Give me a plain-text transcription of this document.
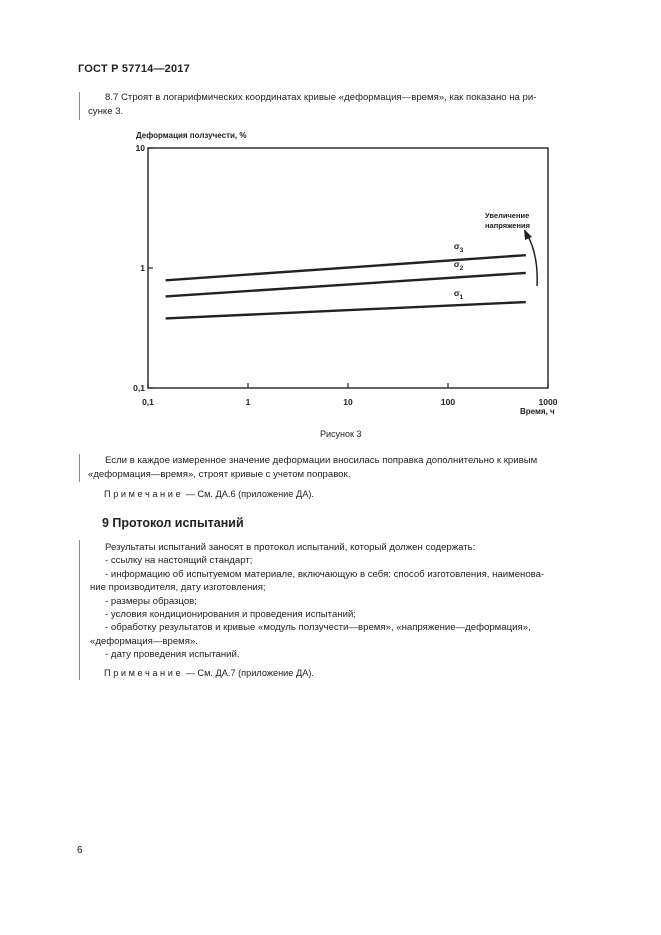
ГОСТ Р 57714—2017
8.7 Строят в логарифмических координатах кривые «деформация—время», как показано на ри-
сунке 3.
Деформация ползучести, %
0,1	1	10	100	1000
0,1
1
10
$\sigma_3$
$\sigma_2$
$\sigma_1$
Время, ч
Увеличение
напряжения
Рисунок 3
Если в каждое измеренное значение деформации вносилась поправка дополнительно к кривым
«деформация—время», строят кривые с учетом поправок.
Примечание — См. ДА.6 (приложение ДА).
9 Протокол испытаний
Результаты испытаний заносят в протокол испытаний, который должен содержать:
- ссылку на настоящий стандарт;
- информацию об испытуемом материале, включающую в себя: способ изготовления, наименова-
ние производителя, дату изготовления;
- размеры образцов;
- условия кондиционирования и проведения испытаний;
- обработку результатов и кривые «модуль ползучести—время», «напряжение—деформация»,
«деформация—время».
- дату проведения испытаний.
Примечание — См. ДА.7 (приложение ДА).
6
